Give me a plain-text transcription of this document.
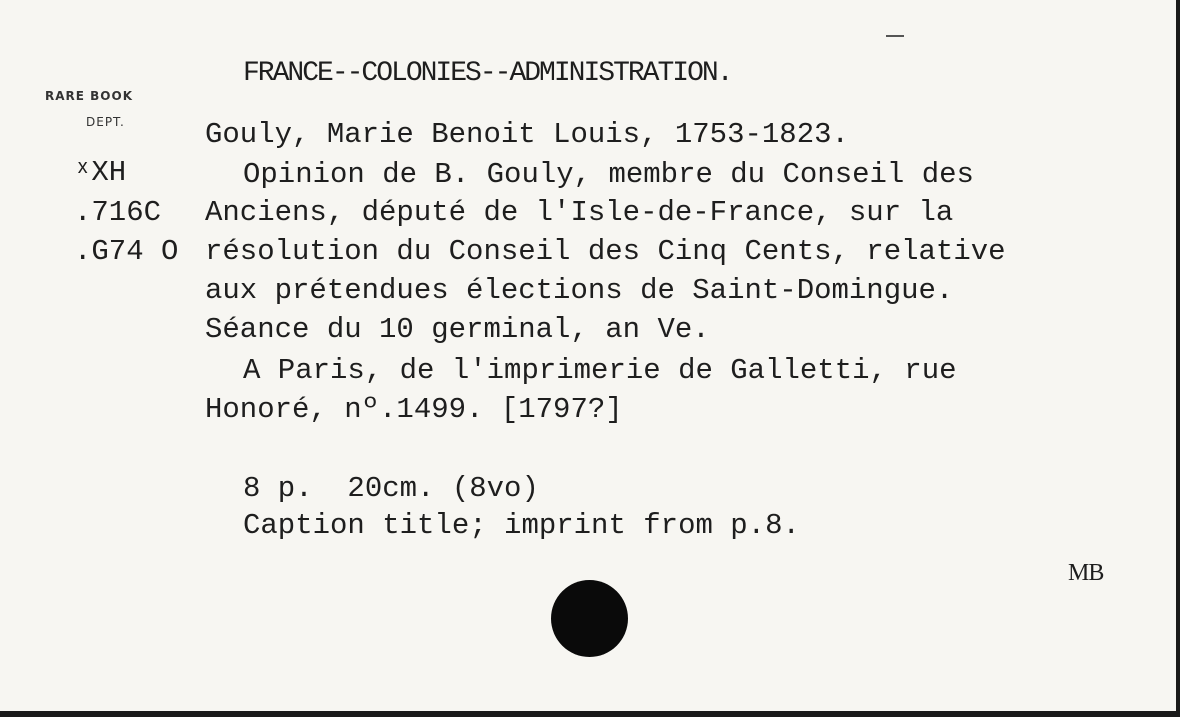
FRANCE--COLONIES--ADMINISTRATION.
RARE BOOK
DEPT.	Gouly, Marie Benoit Louis, 1753-1823.
ˣXH	Opinion de B. Gouly, membre du Conseil des
.716C Anciens, député de l'Isle-de-France, sur la
.G74 O résolution du Conseil des Cinq Cents, relative
aux prétendues élections de Saint-Domingue.
Séance du 10 germinal, an Ve.
A Paris, de l'imprimerie de Galletti, rue
Honoré, nº.1499. [1797?]
8 p.  20cm. (8vo)
Caption title; imprint from p.8.
MB
